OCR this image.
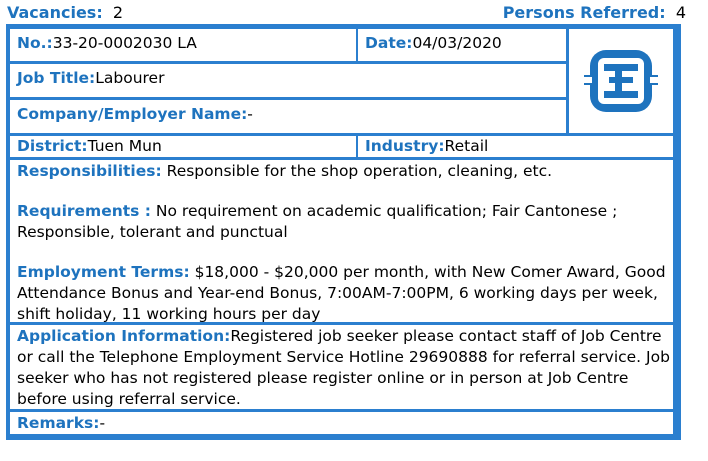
Vacancies: 2	Persons Referred: 4
No.:33-20-0002030 LA	Date:04/03/2020
Job Title:Labourer
Company/Employer Name:-
District:Tuen Mun	Industry:Retail
Responsibilities: Responsible for the shop operation, cleaning, etc.
Requirements : No requirement on academic qualification; Fair Cantonese ; Responsible, tolerant and punctual
Employment Terms: $18,000 - $20,000 per month, with New Comer Award, Good Attendance Bonus and Year-end Bonus, 7:00AM-7:00PM, 6 working days per week, shift holiday, 11 working hours per day
Application Information:Registered job seeker please contact staff of Job Centre or call the Telephone Employment Service Hotline 29690888 for referral service. Job seeker who has not registered please register online or in person at Job Centre before using referral service.
Remarks:-
